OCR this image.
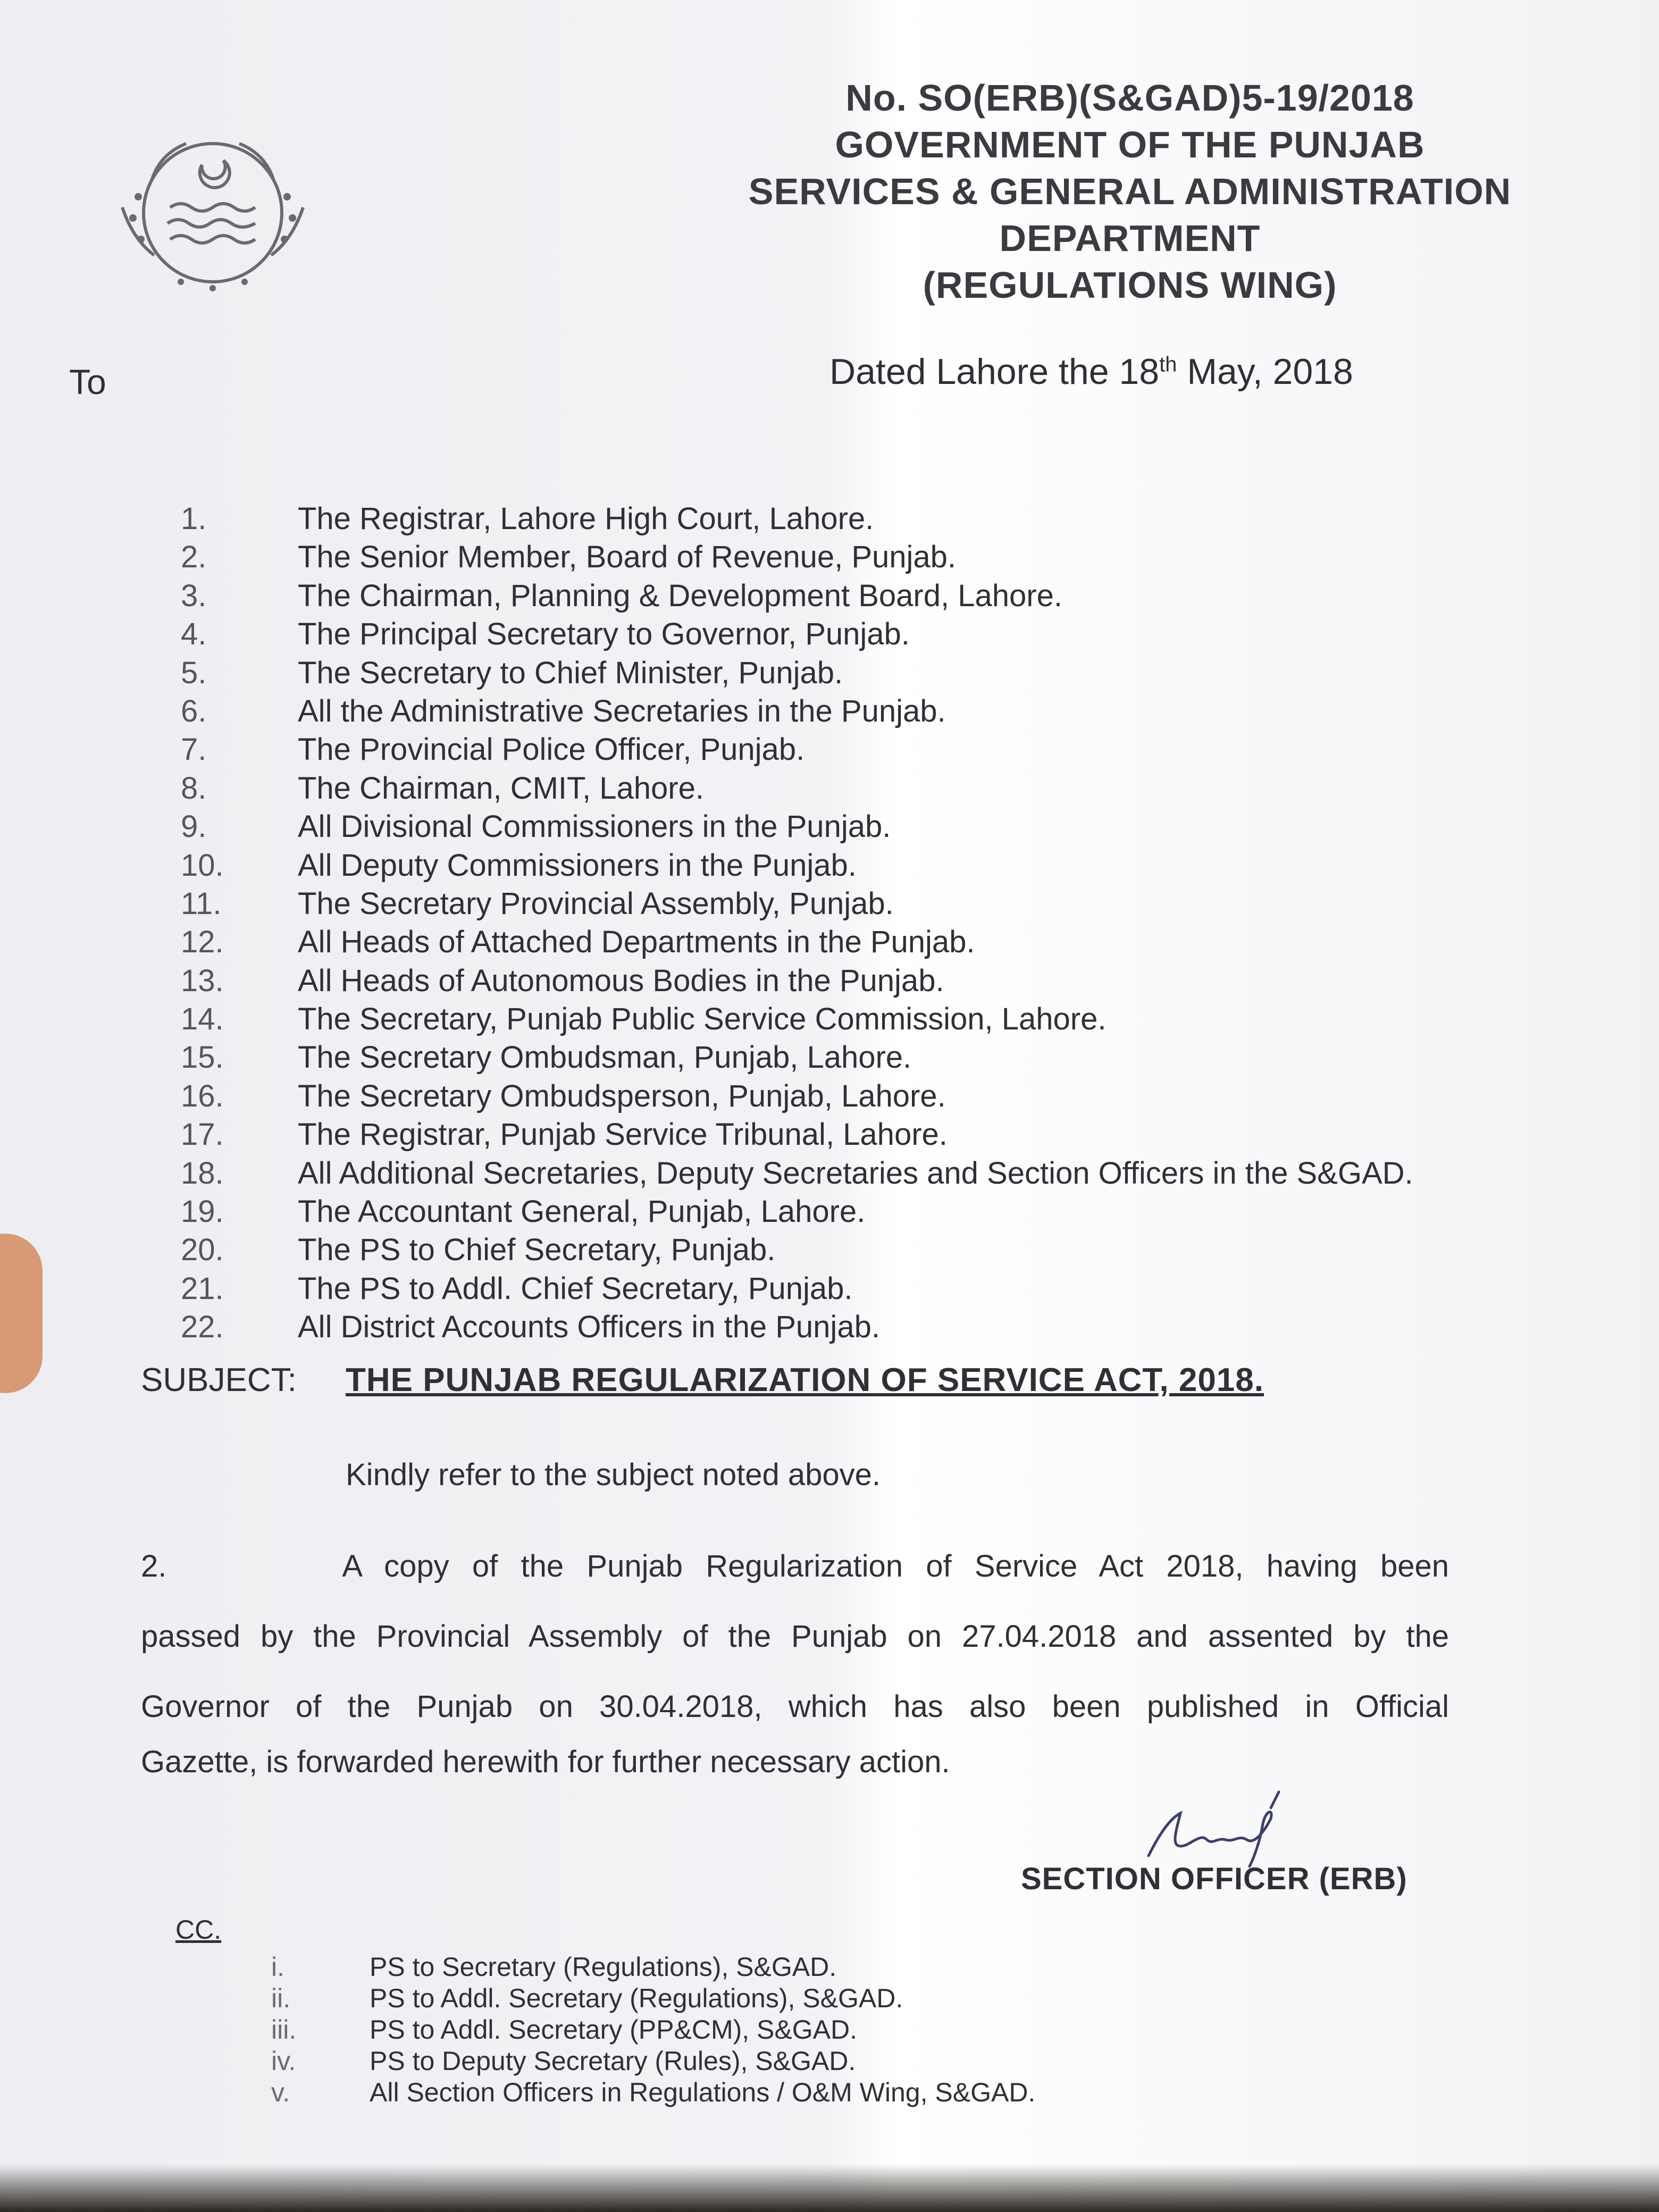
No. SO(ERB)(S&GAD)5-19/2018
GOVERNMENT OF THE PUNJAB
SERVICES & GENERAL ADMINISTRATION
DEPARTMENT
(REGULATIONS WING)
To	Dated Lahore the 18th May, 2018
1.	The Registrar, Lahore High Court, Lahore.
2.	The Senior Member, Board of Revenue, Punjab.
3.	The Chairman, Planning & Development Board, Lahore.
4.	The Principal Secretary to Governor, Punjab.
5.	The Secretary to Chief Minister, Punjab.
6.	All the Administrative Secretaries in the Punjab.
7.	The Provincial Police Officer, Punjab.
8.	The Chairman, CMIT, Lahore.
9.	All Divisional Commissioners in the Punjab.
10.	All Deputy Commissioners in the Punjab.
11.	The Secretary Provincial Assembly, Punjab.
12.	All Heads of Attached Departments in the Punjab.
13.	All Heads of Autonomous Bodies in the Punjab.
14.	The Secretary, Punjab Public Service Commission, Lahore.
15.	The Secretary Ombudsman, Punjab, Lahore.
16.	The Secretary Ombudsperson, Punjab, Lahore.
17.	The Registrar, Punjab Service Tribunal, Lahore.
18.	All Additional Secretaries, Deputy Secretaries and Section Officers in the S&GAD.
19.	The Accountant General, Punjab, Lahore.
20.	The PS to Chief Secretary, Punjab.
21.	The PS to Addl. Chief Secretary, Punjab.
22.	All District Accounts Officers in the Punjab.
SUBJECT:	THE PUNJAB REGULARIZATION OF SERVICE ACT, 2018.
Kindly refer to the subject noted above.
2.	A copy of the Punjab Regularization of Service Act 2018, having been
passed by the Provincial Assembly of the Punjab on 27.04.2018 and assented by the
Governor of the Punjab on 30.04.2018, which has also been published in Official
Gazette, is forwarded herewith for further necessary action.
SECTION OFFICER (ERB)
CC.
i.	PS to Secretary (Regulations), S&GAD.
ii.	PS to Addl. Secretary (Regulations), S&GAD.
iii.	PS to Addl. Secretary (PP&CM), S&GAD.
iv.	PS to Deputy Secretary (Rules), S&GAD.
v.	All Section Officers in Regulations / O&M Wing, S&GAD.
